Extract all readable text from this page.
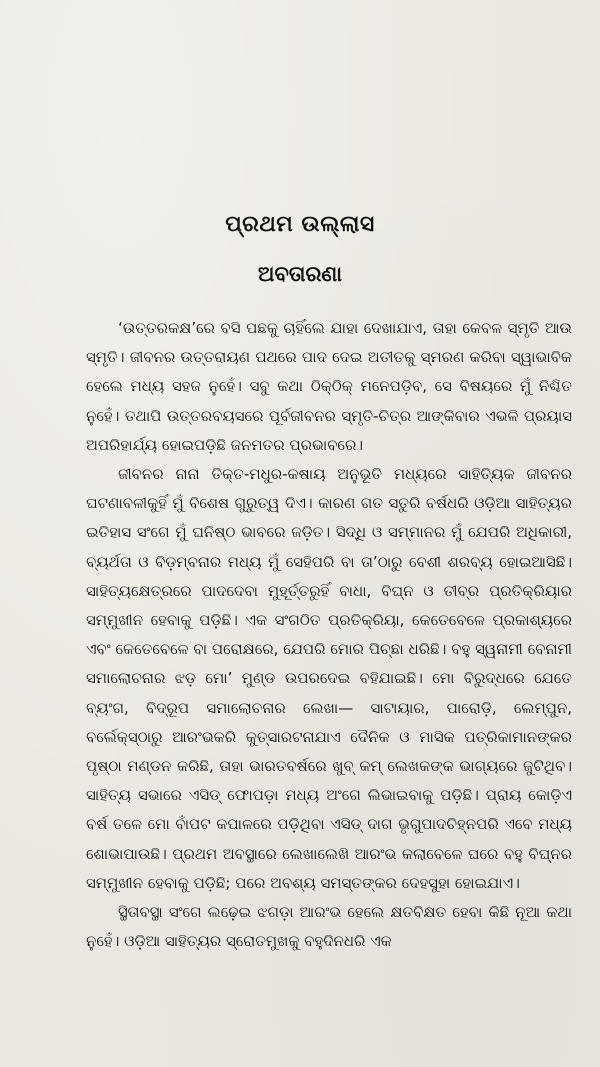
ପ୍ରଥମ ଉଲ୍ଲାସ
ଅବତାରଣା

‘ଉତ୍ତରକକ୍ଷ’ରେ ବସି ପଛକୁ ଚାହିଁଲେ ଯାହା ଦେଖାଯାଏ, ତାହା କେବଳ ସ୍ମୃତି ଆଉ ସ୍ମୃତି। ଜୀବନର ଉତ୍ତରାୟଣ ପଥରେ ପାଦ ଦେଇ ଅତୀତକୁ ସ୍ମରଣ କରିବା ସ୍ୱାଭାବିକ ହେଲେ ମଧ୍ୟ ସହଜ ନୁହେଁ। ସବୁ କଥା ଠିକ୍‌ଠିକ୍ ମନେପଡ଼ିବ, ସେ ବିଷୟରେ ମୁଁ ନିଶ୍ଚିତ ନୁହେଁ। ତଥାପି ଉତ୍ତରବୟସରେ ପୂର୍ବଜୀବନର ସ୍ମୃତି-ଚିତ୍ର ଆଙ୍କିବାର ଏଭଳି ପ୍ରୟାସ ଅପରିହାର୍ଯ୍ୟ ହୋଇପଡ଼ିଛି ଜନମତର ପ୍ରଭାବରେ।

ଜୀବନର ନାନା ତିକ୍ତ-ମଧୁର-କଷାୟ ଅନୁଭୂତି ମଧ୍ୟରେ ସାହିତ୍ୟିକ ଜୀବନର ଘଟଣାବଳୀକୁହିଁ ମୁଁ ବିଶେଷ ଗୁରୁତ୍ୱ ଦିଏ। କାରଣ ଗତ ସତୁରି ବର୍ଷଧରି ଓଡ଼ିଆ ସାହିତ୍ୟର ଇତିହାସ ସଂଗେ ମୁଁ ଘନିଷ୍ଠ ଭାବରେ ଜଡ଼ିତ। ସିଦ୍ଧି ଓ ସମ୍ମାନର ମୁଁ ଯେପରି ଅଧିକାରୀ, ବ୍ୟର୍ଥତା ଓ ବିଡ଼ମ୍ବନାର ମଧ୍ୟ ମୁଁ ସେହିପରି ବା ତା’ଠାରୁ ବେଶୀ ଶରବ୍ୟ ହୋଇଆସିଛି। ସାହିତ୍ୟକ୍ଷେତ୍ରରେ ପାଦଦେବା ମୁହୂର୍ତ୍ତରୁହିଁ ବାଧା, ବିଘ୍ନ ଓ ତୀବ୍ର ପ୍ରତିକ୍ରିୟାର ସମ୍ମୁଖୀନ ହେବାକୁ ପଡ଼ିଛି। ଏକ ସଂଗଠିତ ପ୍ରତିକ୍ରିୟା, କେତେବେଳେ ପ୍ରକାଶ୍ୟରେ ଏବଂ କେତେବେଳେ ବା ପରୋକ୍ଷରେ, ଯେପରି ମୋର ପିଚ୍ଛା ଧରିଛି। ବହୁ ସ୍ୱନାମୀ ବେନାମୀ ସମାଲୋଚନାର ଝଡ଼ ମୋ’ ମୁଣ୍ଡ ଉପରଦେଇ ବହିଯାଇଛି। ମୋ ବିରୁଦ୍ଧରେ ଯେତେ ବ୍ୟଂଗ, ବିଦ୍ରୂପ ସମାଲୋଚନାର ଲେଖା— ସାଟାୟାର, ପାରୋଡ଼ି, ଲେମ୍ପୁନ, ବର୍ଲେକ୍‌ସ୍‌ଠାରୁ ଆରଂଭକରି କୁତ୍ସାରଟନାଯାଏ ଦୈନିକ ଓ ମାସିକ ପତ୍ରିକାମାନଙ୍କର ପୃଷ୍ଠା ମଣ୍ଡନ କରିଛି, ତାହା ଭାରତବର୍ଷରେ ଖୁବ୍ କମ୍ ଲେଖକଙ୍କ ଭାଗ୍ୟରେ ଜୁଟିଥିବ। ସାହିତ୍ୟ ସଭାରେ ଏସିଡ୍ ଫୋପଡ଼ା ମଧ୍ୟ ଅଂଗେ ଲିଭାଇବାକୁ ପଡ଼ିଛି। ପ୍ରାୟ କୋଡ଼ିଏ ବର୍ଷ ତଳେ ମୋ ବାଁପଟ କପାଳରେ ପଡ଼ିଥିବା ଏସିଡ୍ ଦାଗ ଭୃଗୁପାଦଚିହ୍ନପରି ଏବେ ମଧ୍ୟ ଶୋଭାପାଉଛି। ପ୍ରଥମ ଅବସ୍ଥାରେ ଲେଖାଲେଖି ଆରଂଭ କଲାବେଳେ ଘରେ ବହୁ ବିଘ୍ନର ସମ୍ମୁଖୀନ ହେବାକୁ ପଡ଼ିଛି; ପରେ ଅବଶ୍ୟ ସମସ୍ତଙ୍କର ଦେହସୁହା ହୋଇଯାଏ।

ସ୍ଥିତାବସ୍ଥା ସଂଗେ ଲଢ଼େଇ ଝଗଡ଼ା ଆରଂଭ ହେଲେ କ୍ଷତବିକ୍ଷତ ହେବା କିଛି ନୂଆ କଥା ନୁହେଁ। ଓଡ଼ିଆ ସାହିତ୍ୟର ସ୍ରୋତମୁଖକୁ ବହୁଦିନଧରି ଏକ
